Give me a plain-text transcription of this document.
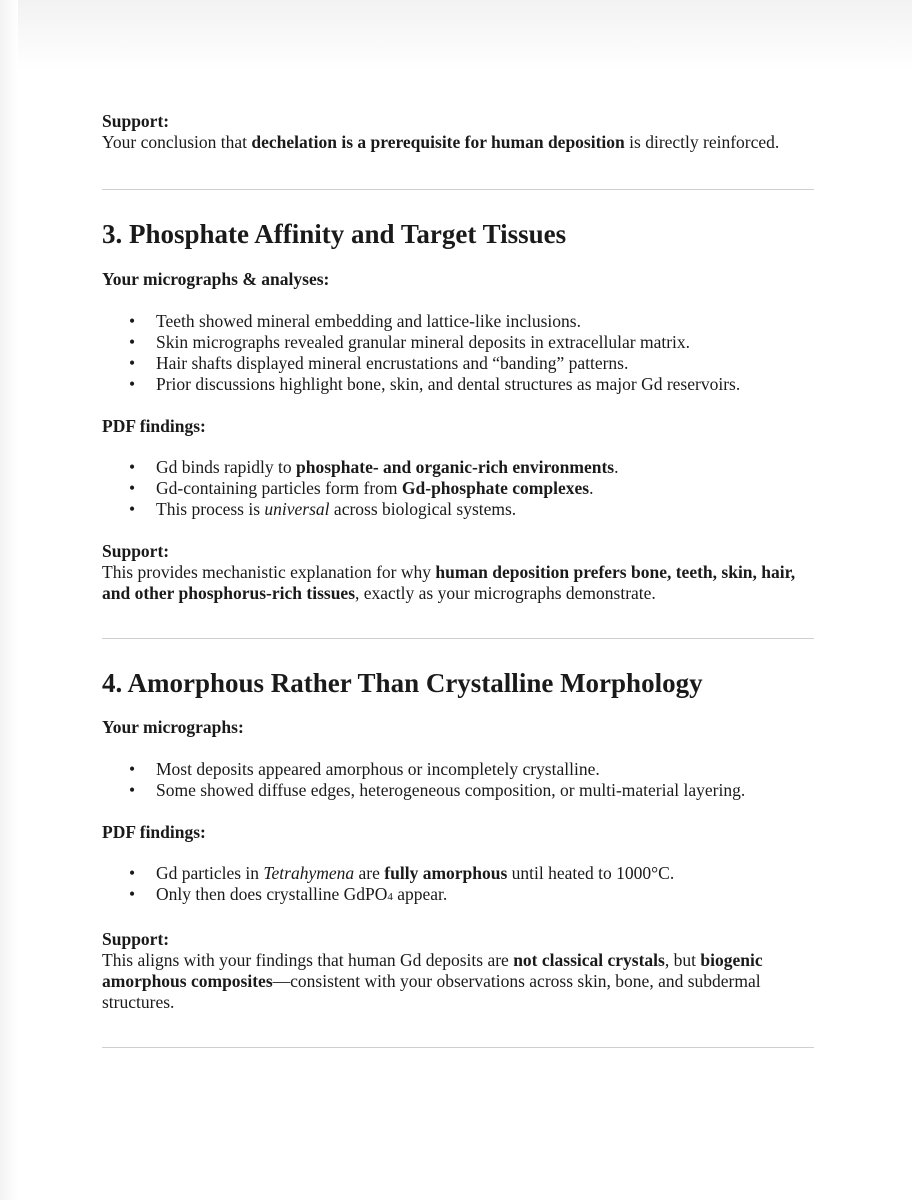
Support:

Your conclusion that dechelation is a prerequisite for human deposition is directly reinforced.

3. Phosphate Affinity and Target Tissues

Your micrographs & analyses:

• Teeth showed mineral embedding and lattice-like inclusions.
• Skin micrographs revealed granular mineral deposits in extracellular matrix.
• Hair shafts displayed mineral encrustations and “banding” patterns.
• Prior discussions highlight bone, skin, and dental structures as major Gd reservoirs.

PDF findings:

• Gd binds rapidly to phosphate- and organic-rich environments.
• Gd-containing particles form from Gd-phosphate complexes.
• This process is universal across biological systems.

Support:

This provides mechanistic explanation for why human deposition prefers bone, teeth, skin, hair, and other phosphorus-rich tissues, exactly as your micrographs demonstrate.

4. Amorphous Rather Than Crystalline Morphology

Your micrographs:

• Most deposits appeared amorphous or incompletely crystalline.
• Some showed diffuse edges, heterogeneous composition, or multi-material layering.

PDF findings:

• Gd particles in Tetrahymena are fully amorphous until heated to 1000°C.
• Only then does crystalline GdPO4 appear.

Support:

This aligns with your findings that human Gd deposits are not classical crystals, but biogenic amorphous composites—consistent with your observations across skin, bone, and subdermal structures.
